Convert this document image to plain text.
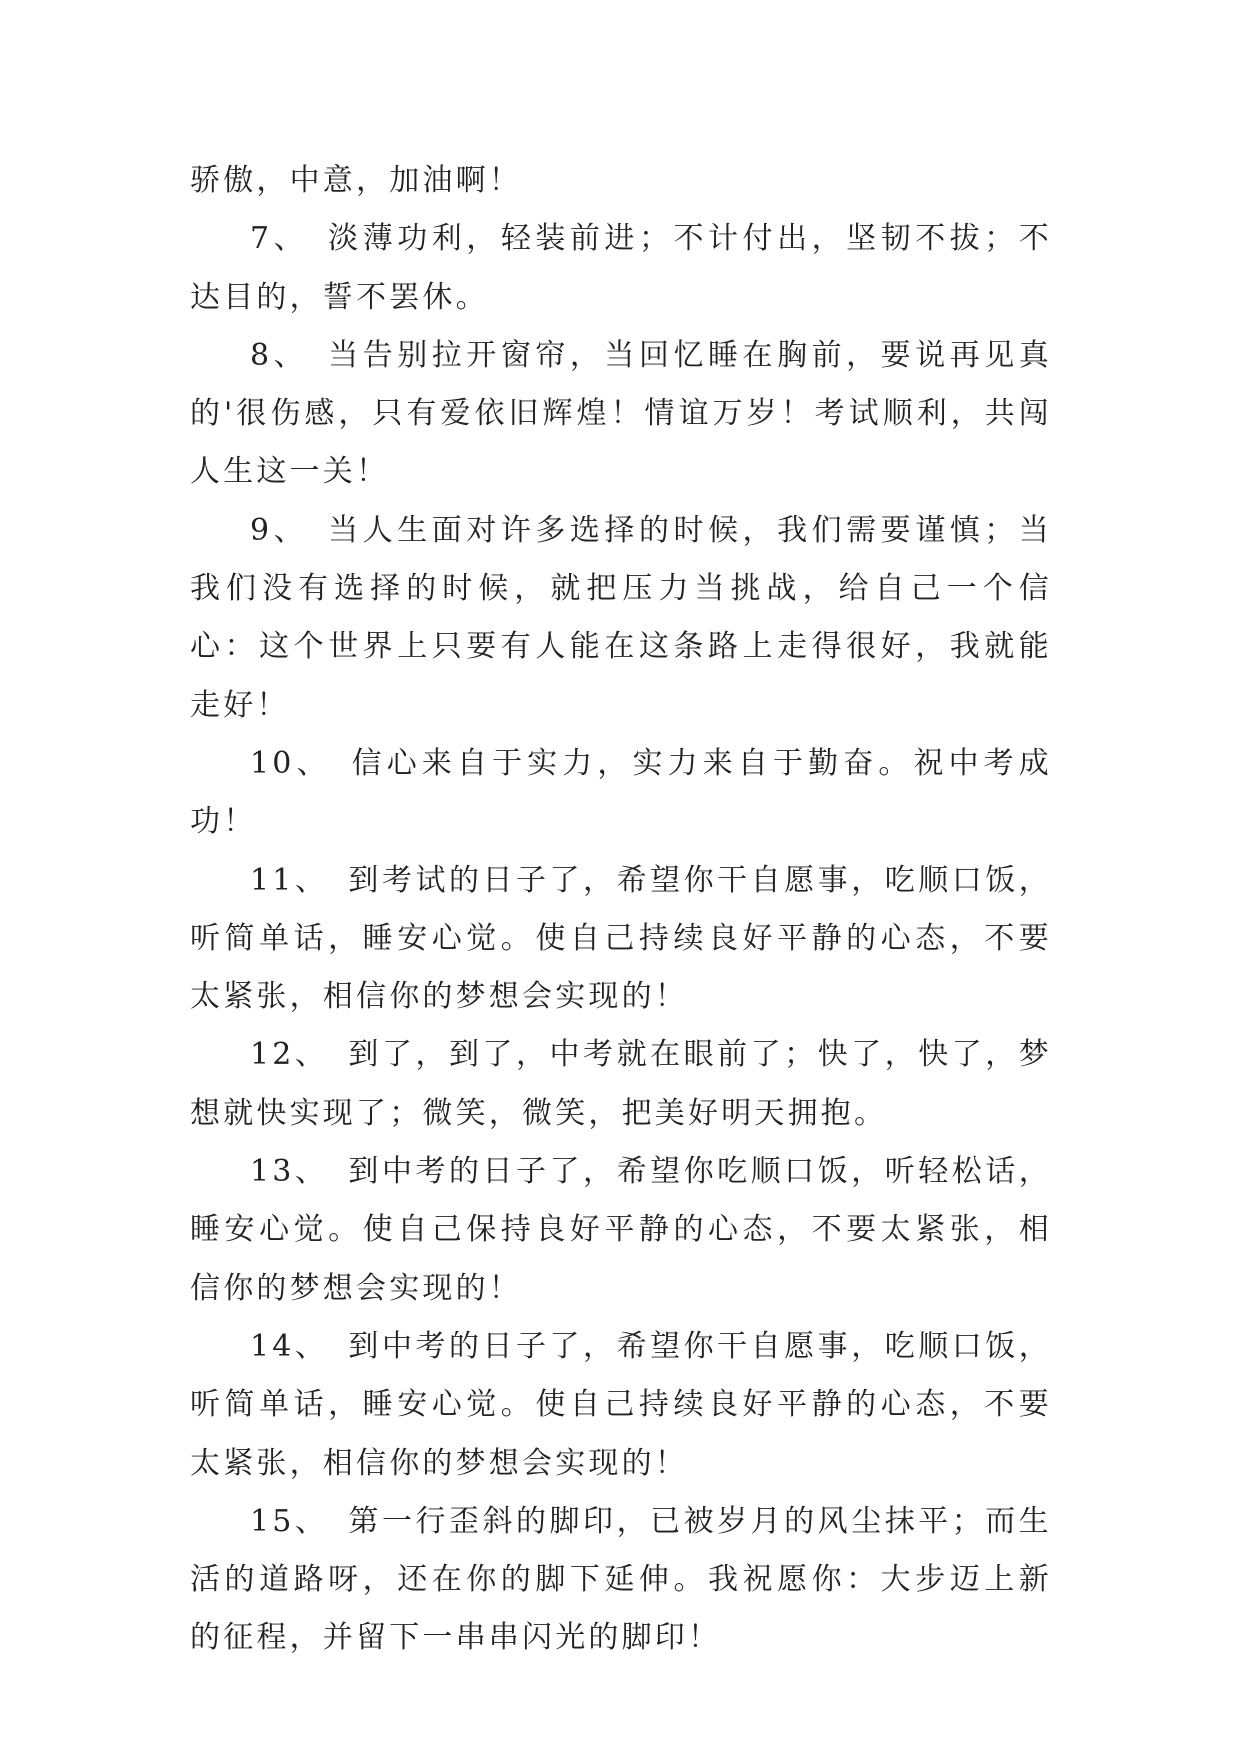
骄傲，中意，加油啊！

7、 淡薄功利，轻装前进；不计付出，坚韧不拔；不达目的，誓不罢休。

8、 当告别拉开窗帘，当回忆睡在胸前，要说再见真的'很伤感，只有爱依旧辉煌！情谊万岁！考试顺利，共闯人生这一关！

9、 当人生面对许多选择的时候，我们需要谨慎；当我们没有选择的时候，就把压力当挑战，给自己一个信心：这个世界上只要有人能在这条路上走得很好，我就能走好！

10、 信心来自于实力，实力来自于勤奋。祝中考成功！

11、 到考试的日子了，希望你干自愿事，吃顺口饭，听简单话，睡安心觉。使自己持续良好平静的心态，不要太紧张，相信你的梦想会实现的！

12、 到了，到了，中考就在眼前了；快了，快了，梦想就快实现了；微笑，微笑，把美好明天拥抱。

13、 到中考的日子了，希望你吃顺口饭，听轻松话，睡安心觉。使自己保持良好平静的心态，不要太紧张，相信你的梦想会实现的！

14、 到中考的日子了，希望你干自愿事，吃顺口饭，听简单话，睡安心觉。使自己持续良好平静的心态，不要太紧张，相信你的梦想会实现的！

15、 第一行歪斜的脚印，已被岁月的风尘抹平；而生活的道路呀，还在你的脚下延伸。我祝愿你：大步迈上新的征程，并留下一串串闪光的脚印！
